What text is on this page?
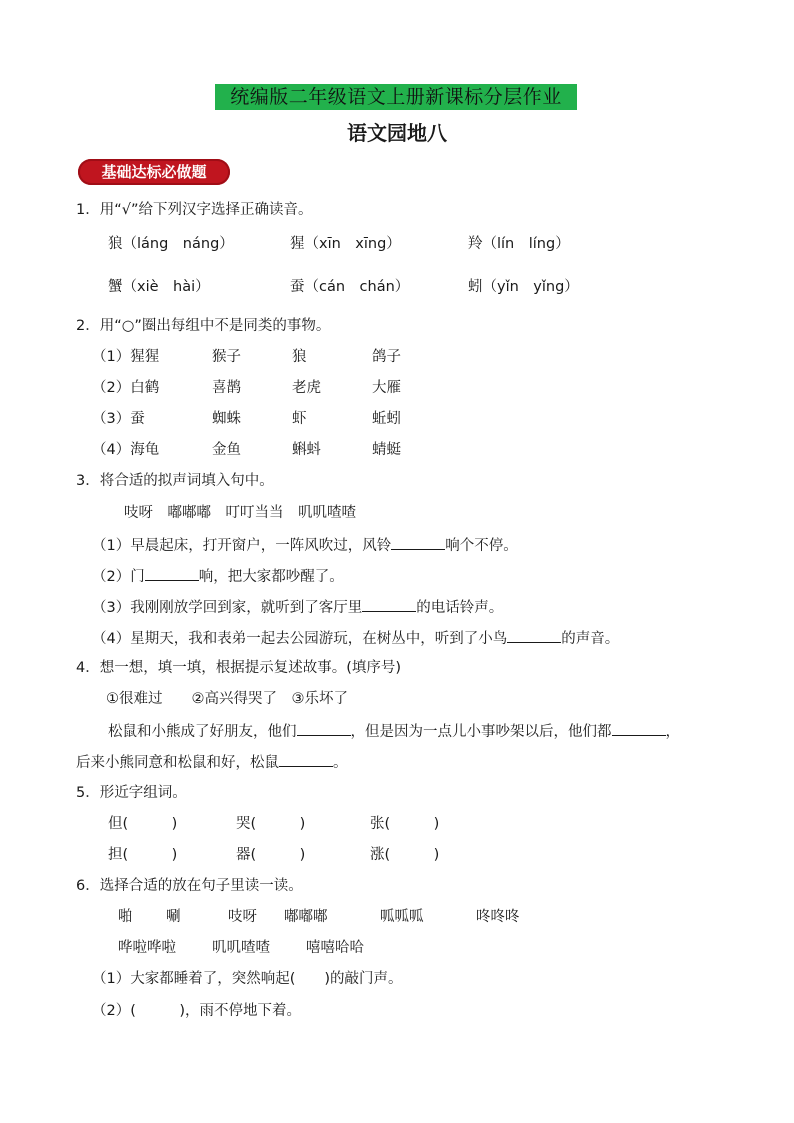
统编版二年级语文上册新课标分层作业
语文园地八
基础达标必做题
1．用“√”给下列汉字选择正确读音。
狼（láng　náng）	猩（xīn　xīng）	羚（lín　líng）
蟹（xiè　hài）	蚕（cán　chán）	蚓（yǐn　yǐng）
2．用“○”圈出每组中不是同类的事物。
（1）猩猩	猴子	狼	鸽子
（2）白鹤	喜鹊	老虎	大雁
（3）蚕	蜘蛛	虾	蚯蚓
（4）海龟	金鱼	蝌蚪	蜻蜓
3．将合适的拟声词填入句中。
吱呀　嘟嘟嘟　叮叮当当　叽叽喳喳
（1）早晨起床，打开窗户，一阵风吹过，风铃	响个不停。
（2）门	响，把大家都吵醒了。
（3）我刚刚放学回到家，就听到了客厅里	的电话铃声。
（4）星期天，我和表弟一起去公园游玩，在树丛中，听到了小鸟	的声音。
4．想一想，填一填，根据提示复述故事。(填序号)
①很难过　　②高兴得哭了　③乐坏了
松鼠和小熊成了好朋友，他们	，但是因为一点儿小事吵架以后，他们都	，
后来小熊同意和松鼠和好，松鼠	。
5．形近字组词。
但(　　　)	哭(　　　)	张(　　　)
担(　　　)	器(　　　)	涨(　　　)
6．选择合适的放在句子里读一读。
啪 唰	吱呀 嘟嘟嘟	呱呱呱	咚咚咚
哗啦哗啦 叽叽喳喳 嘻嘻哈哈
（1）大家都睡着了，突然响起(　　)的敲门声。
（2）(　　　)，雨不停地下着。
